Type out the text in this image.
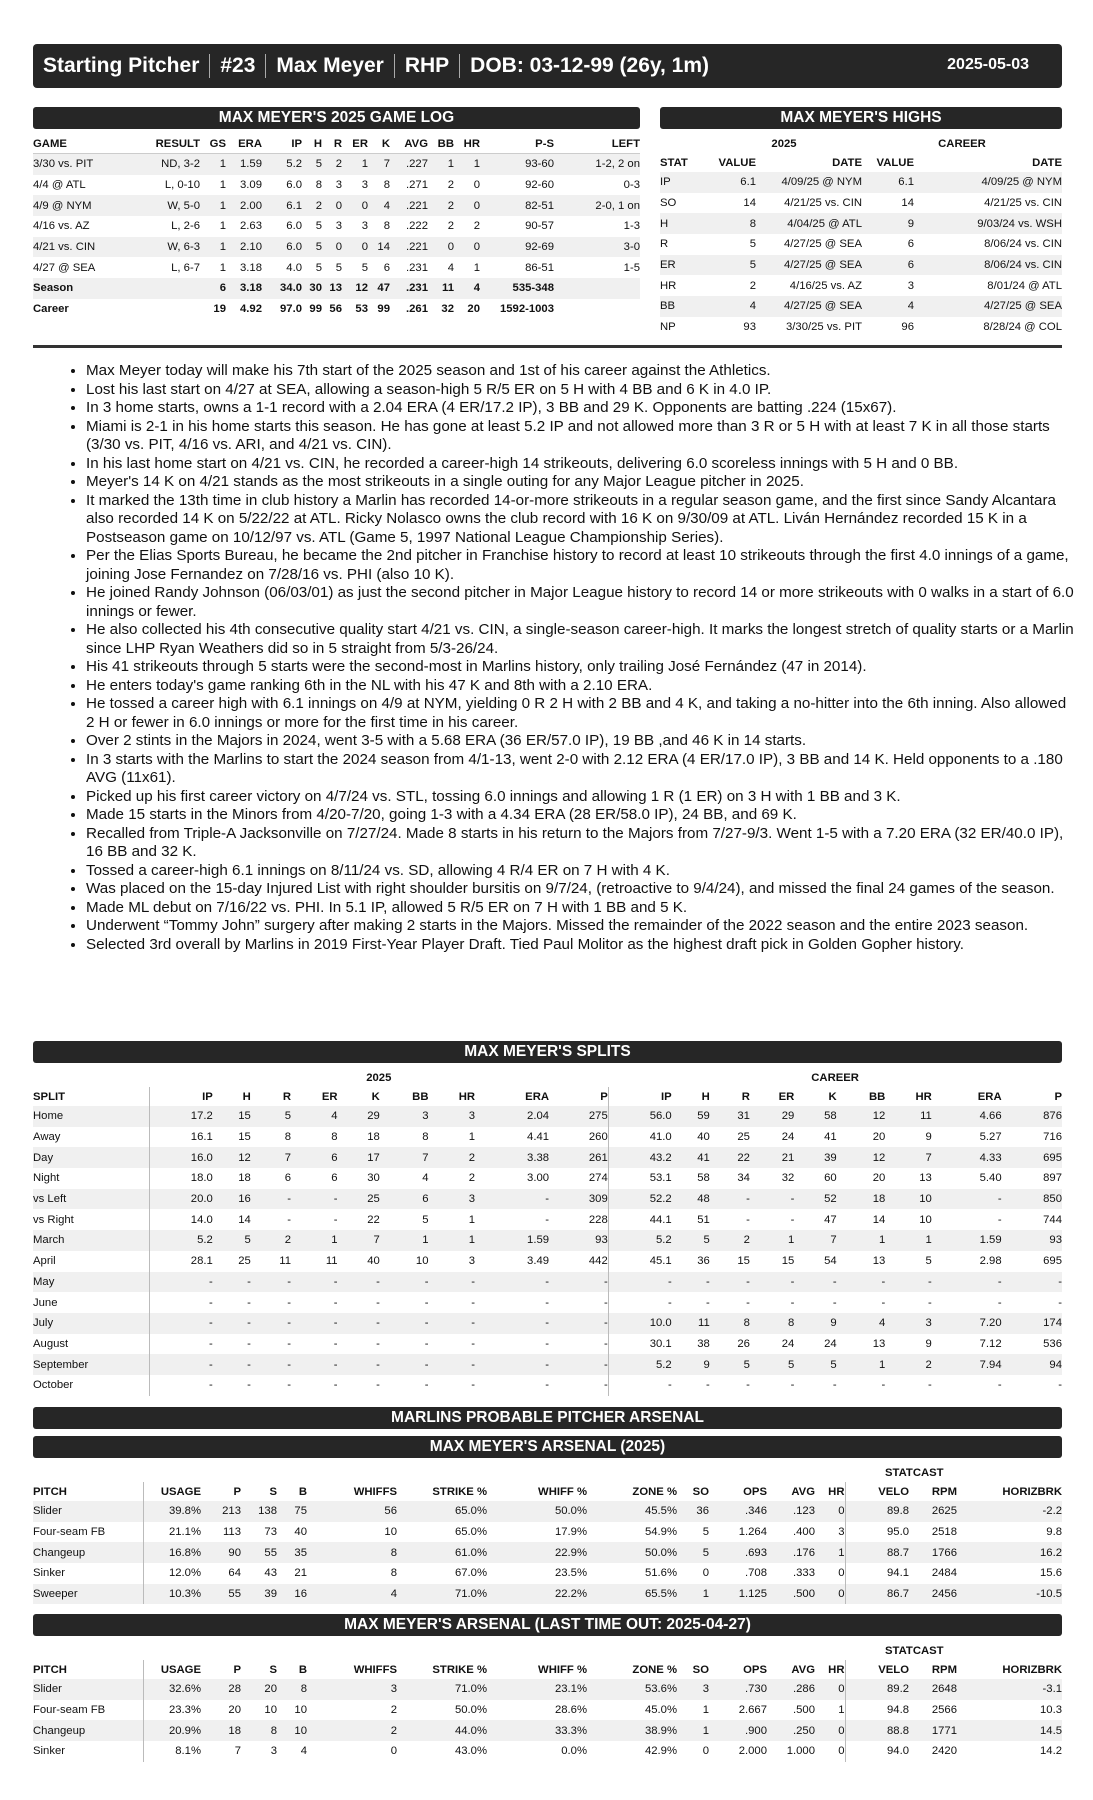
Starting Pitcher #23 Max Meyer RHP DOB: 03-12-99 (26y, 1m)	2025-05-03
MAX MEYER'S 2025 GAME LOG
GAME	RESULT	GS	ERA	IP	H	R	ER	K	AVG	BB	HR	P-S	LEFT
3/30 vs. PIT	ND, 3-2	1	1.59	5.2	5	2	1	7	.227	1	1	93-60	1-2, 2 on
4/4 @ ATL	L, 0-10	1	3.09	6.0	8	3	3	8	.271	2	0	92-60	0-3
4/9 @ NYM	W, 5-0	1	2.00	6.1	2	0	0	4	.221	2	0	82-51	2-0, 1 on
4/16 vs. AZ	L, 2-6	1	2.63	6.0	5	3	3	8	.222	2	2	90-57	1-3
4/21 vs. CIN	W, 6-3	1	2.10	6.0	5	0	0	14	.221	0	0	92-69	3-0
4/27 @ SEA	L, 6-7	1	3.18	4.0	5	5	5	6	.231	4	1	86-51	1-5
Season		6	3.18	34.0	30	13	12	47	.231	11	4	535-348	
Career		19	4.92	97.0	99	56	53	99	.261	32	20	1592-1003	
MAX MEYER'S HIGHS
	2025		CAREER	
STAT	VALUE	DATE	VALUE	DATE
IP	6.1	4/09/25 @ NYM	6.1	4/09/25 @ NYM
SO	14	4/21/25 vs. CIN	14	4/21/25 vs. CIN
H	8	4/04/25 @ ATL	9	9/03/24 vs. WSH
R	5	4/27/25 @ SEA	6	8/06/24 vs. CIN
ER	5	4/27/25 @ SEA	6	8/06/24 vs. CIN
HR	2	4/16/25 vs. AZ	3	8/01/24 @ ATL
BB	4	4/27/25 @ SEA	4	4/27/25 @ SEA
NP	93	3/30/25 vs. PIT	96	8/28/24 @ COL
• Max Meyer today will make his 7th start of the 2025 season and 1st of his career against the Athletics.
• Lost his last start on 4/27 at SEA, allowing a season-high 5 R/5 ER on 5 H with 4 BB and 6 K in 4.0 IP.
• In 3 home starts, owns a 1-1 record with a 2.04 ERA (4 ER/17.2 IP), 3 BB and 29 K. Opponents are batting .224 (15x67).
• Miami is 2-1 in his home starts this season. He has gone at least 5.2 IP and not allowed more than 3 R or 5 H with at least 7 K in all those starts (3/30 vs. PIT, 4/16 vs. ARI, and 4/21 vs. CIN).
• In his last home start on 4/21 vs. CIN, he recorded a career-high 14 strikeouts, delivering 6.0 scoreless innings with 5 H and 0 BB.
• Meyer's 14 K on 4/21 stands as the most strikeouts in a single outing for any Major League pitcher in 2025.
• It marked the 13th time in club history a Marlin has recorded 14-or-more strikeouts in a regular season game, and the first since Sandy Alcantara also recorded 14 K on 5/22/22 at ATL. Ricky Nolasco owns the club record with 16 K on 9/30/09 at ATL. Liván Hernández recorded 15 K in a Postseason game on 10/12/97 vs. ATL (Game 5, 1997 National League Championship Series).
• Per the Elias Sports Bureau, he became the 2nd pitcher in Franchise history to record at least 10 strikeouts through the first 4.0 innings of a game, joining Jose Fernandez on 7/28/16 vs. PHI (also 10 K).
• He joined Randy Johnson (06/03/01) as just the second pitcher in Major League history to record 14 or more strikeouts with 0 walks in a start of 6.0 innings or fewer.
• He also collected his 4th consecutive quality start 4/21 vs. CIN, a single-season career-high. It marks the longest stretch of quality starts or a Marlin since LHP Ryan Weathers did so in 5 straight from 5/3-26/24.
• His 41 strikeouts through 5 starts were the second-most in Marlins history, only trailing José Fernández (47 in 2014).
• He enters today's game ranking 6th in the NL with his 47 K and 8th with a 2.10 ERA.
• He tossed a career high with 6.1 innings on 4/9 at NYM, yielding 0 R 2 H with 2 BB and 4 K, and taking a no-hitter into the 6th inning. Also allowed 2 H or fewer in 6.0 innings or more for the first time in his career.
• Over 2 stints in the Majors in 2024, went 3-5 with a 5.68 ERA (36 ER/57.0 IP), 19 BB ,and 46 K in 14 starts.
• In 3 starts with the Marlins to start the 2024 season from 4/1-13, went 2-0 with 2.12 ERA (4 ER/17.0 IP), 3 BB and 14 K. Held opponents to a .180 AVG (11x61).
• Picked up his first career victory on 4/7/24 vs. STL, tossing 6.0 innings and allowing 1 R (1 ER) on 3 H with 1 BB and 3 K.
• Made 15 starts in the Minors from 4/20-7/20, going 1-3 with a 4.34 ERA (28 ER/58.0 IP), 24 BB, and 69 K.
• Recalled from Triple-A Jacksonville on 7/27/24. Made 8 starts in his return to the Majors from 7/27-9/3. Went 1-5 with a 7.20 ERA (32 ER/40.0 IP), 16 BB and 32 K.
• Tossed a career-high 6.1 innings on 8/11/24 vs. SD, allowing 4 R/4 ER on 7 H with 4 K.
• Was placed on the 15-day Injured List with right shoulder bursitis on 9/7/24, (retroactive to 9/4/24), and missed the final 24 games of the season.
• Made ML debut on 7/16/22 vs. PHI. In 5.1 IP, allowed 5 R/5 ER on 7 H with 1 BB and 5 K.
• Underwent “Tommy John” surgery after making 2 starts in the Majors. Missed the remainder of the 2022 season and the entire 2023 season.
• Selected 3rd overall by Marlins in 2019 First-Year Player Draft. Tied Paul Molitor as the highest draft pick in Golden Gopher history.
MAX MEYER'S SPLITS
	2025									CAREER								
SPLIT	IP	H	R	ER	K	BB	HR	ERA	P	IP	H	R	ER	K	BB	HR	ERA	P
Home	17.2	15	5	4	29	3	3	2.04	275	56.0	59	31	29	58	12	11	4.66	876
Away	16.1	15	8	8	18	8	1	4.41	260	41.0	40	25	24	41	20	9	5.27	716
Day	16.0	12	7	6	17	7	2	3.38	261	43.2	41	22	21	39	12	7	4.33	695
Night	18.0	18	6	6	30	4	2	3.00	274	53.1	58	34	32	60	20	13	5.40	897
vs Left	20.0	16	-	-	25	6	3	-	309	52.2	48	-	-	52	18	10	-	850
vs Right	14.0	14	-	-	22	5	1	-	228	44.1	51	-	-	47	14	10	-	744
March	5.2	5	2	1	7	1	1	1.59	93	5.2	5	2	1	7	1	1	1.59	93
April	28.1	25	11	11	40	10	3	3.49	442	45.1	36	15	15	54	13	5	2.98	695
May	-	-	-	-	-	-	-	-	-	-	-	-	-	-	-	-	-	-
June	-	-	-	-	-	-	-	-	-	-	-	-	-	-	-	-	-	-
July	-	-	-	-	-	-	-	-	-	10.0	11	8	8	9	4	3	7.20	174
August	-	-	-	-	-	-	-	-	-	30.1	38	26	24	24	13	9	7.12	536
September	-	-	-	-	-	-	-	-	-	5.2	9	5	5	5	1	2	7.94	94
October	-	-	-	-	-	-	-	-	-	-	-	-	-	-	-	-	-	-
MARLINS PROBABLE PITCHER ARSENAL
MAX MEYER'S ARSENAL (2025)
													STATCAST		
PITCH	USAGE	P	S	B	WHIFFS	STRIKE %	WHIFF %	ZONE %	SO	OPS	AVG	HR	VELO	RPM	HORIZBRK
Slider	39.8%	213	138	75	56	65.0%	50.0%	45.5%	36	.346	.123	0	89.8	2625	-2.2
Four-seam FB	21.1%	113	73	40	10	65.0%	17.9%	54.9%	5	1.264	.400	3	95.0	2518	9.8
Changeup	16.8%	90	55	35	8	61.0%	22.9%	50.0%	5	.693	.176	1	88.7	1766	16.2
Sinker	12.0%	64	43	21	8	67.0%	23.5%	51.6%	0	.708	.333	0	94.1	2484	15.6
Sweeper	10.3%	55	39	16	4	71.0%	22.2%	65.5%	1	1.125	.500	0	86.7	2456	-10.5
MAX MEYER'S ARSENAL (LAST TIME OUT: 2025-04-27)
													STATCAST		
PITCH	USAGE	P	S	B	WHIFFS	STRIKE %	WHIFF %	ZONE %	SO	OPS	AVG	HR	VELO	RPM	HORIZBRK
Slider	32.6%	28	20	8	3	71.0%	23.1%	53.6%	3	.730	.286	0	89.2	2648	-3.1
Four-seam FB	23.3%	20	10	10	2	50.0%	28.6%	45.0%	1	2.667	.500	1	94.8	2566	10.3
Changeup	20.9%	18	8	10	2	44.0%	33.3%	38.9%	1	.900	.250	0	88.8	1771	14.5
Sinker	8.1%	7	3	4	0	43.0%	0.0%	42.9%	0	2.000	1.000	0	94.0	2420	14.2
